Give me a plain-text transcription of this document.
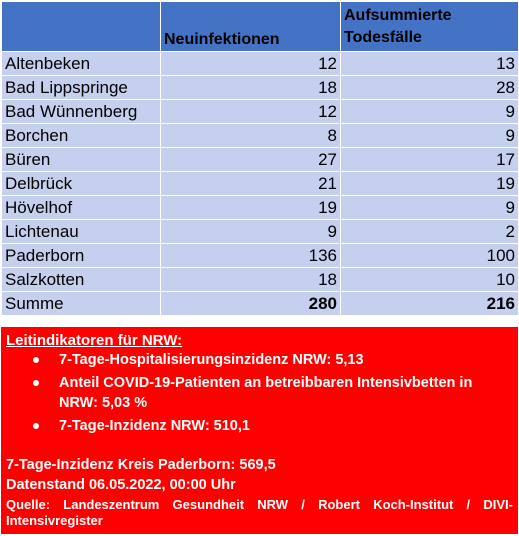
	Neuinfektionen	Aufsummierte Todesfälle
Altenbeken	12	13
Bad Lippspringe	18	28
Bad Wünnenberg	12	9
Borchen	8	9
Büren	27	17
Delbrück	21	19
Hövelhof	19	9
Lichtenau	9	2
Paderborn	136	100
Salzkotten	18	10
Summe	280	216
Leitindikatoren für NRW:
7-Tage-Hospitalisierungsinzidenz NRW: 5,13
Anteil COVID-19-Patienten an betreibbaren Intensivbetten in NRW: 5,03 %
7-Tage-Inzidenz NRW: 510,1
7-Tage-Inzidenz Kreis Paderborn: 569,5
Datenstand 06.05.2022, 00:00 Uhr
Quelle: Landeszentrum Gesundheit NRW / Robert Koch-Institut / DIVI-Intensivregister
